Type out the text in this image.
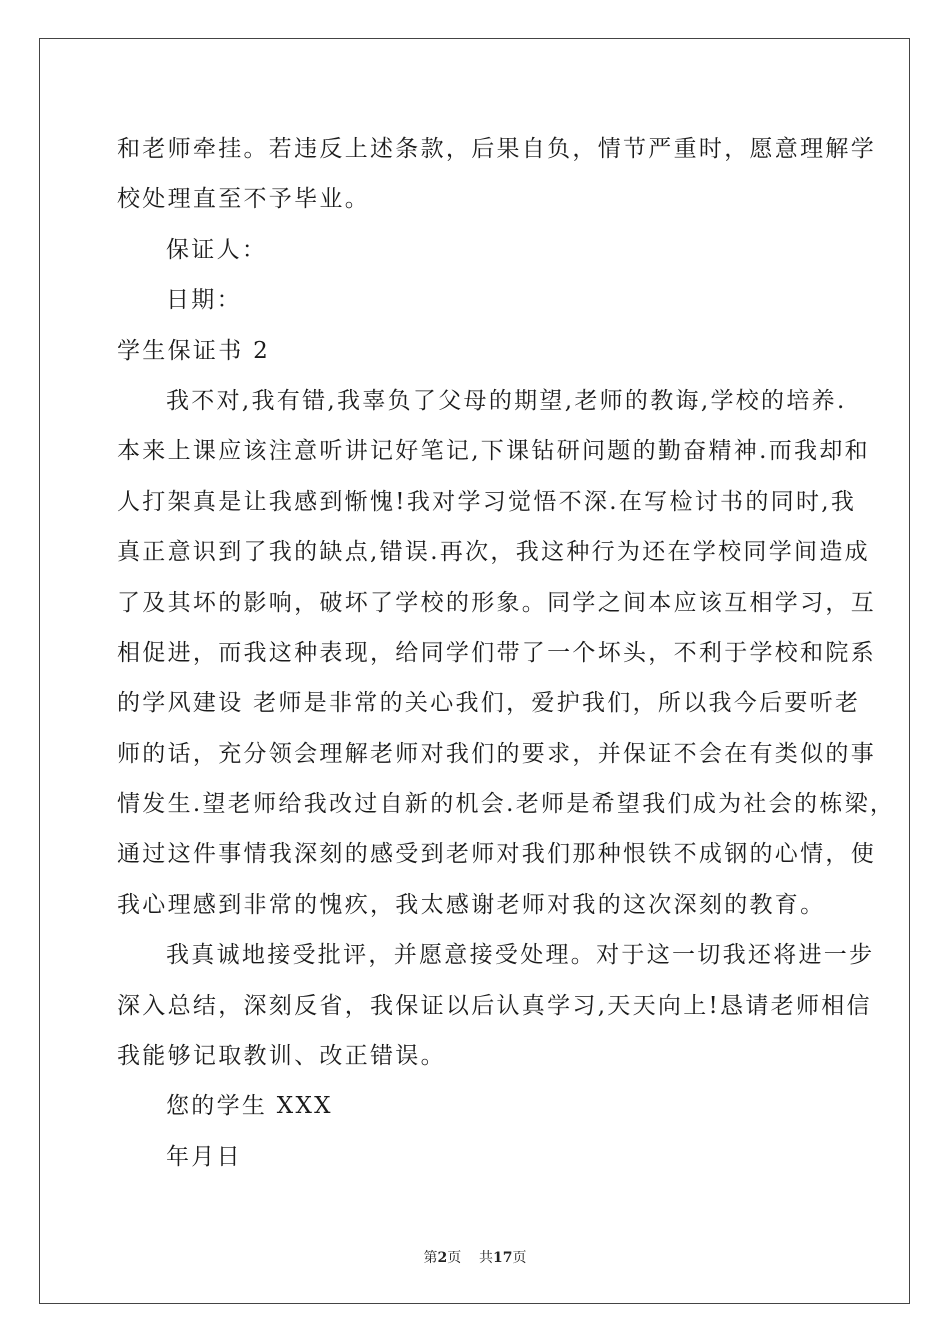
和老师牵挂。若违反上述条款，后果自负，情节严重时，愿意理解学
校处理直至不予毕业。
保证人：
日期：
学生保证书 2
我不对,我有错,我辜负了父母的期望,老师的教诲,学校的培养.
本来上课应该注意听讲记好笔记,下课钻研问题的勤奋精神.而我却和
人打架真是让我感到惭愧!我对学习觉悟不深.在写检讨书的同时,我
真正意识到了我的缺点,错误.再次，我这种行为还在学校同学间造成
了及其坏的影响，破坏了学校的形象。同学之间本应该互相学习，互
相促进，而我这种表现，给同学们带了一个坏头，不利于学校和院系
的学风建设 老师是非常的关心我们，爱护我们，所以我今后要听老
师的话，充分领会理解老师对我们的要求，并保证不会在有类似的事
情发生.望老师给我改过自新的机会.老师是希望我们成为社会的栋梁，
通过这件事情我深刻的感受到老师对我们那种恨铁不成钢的心情，使
我心理感到非常的愧疚，我太感谢老师对我的这次深刻的教育。
我真诚地接受批评，并愿意接受处理。对于这一切我还将进一步
深入总结，深刻反省，我保证以后认真学习,天天向上!恳请老师相信
我能够记取教训、改正错误。
您的学生 XXX
年月日
第2页 共17页
